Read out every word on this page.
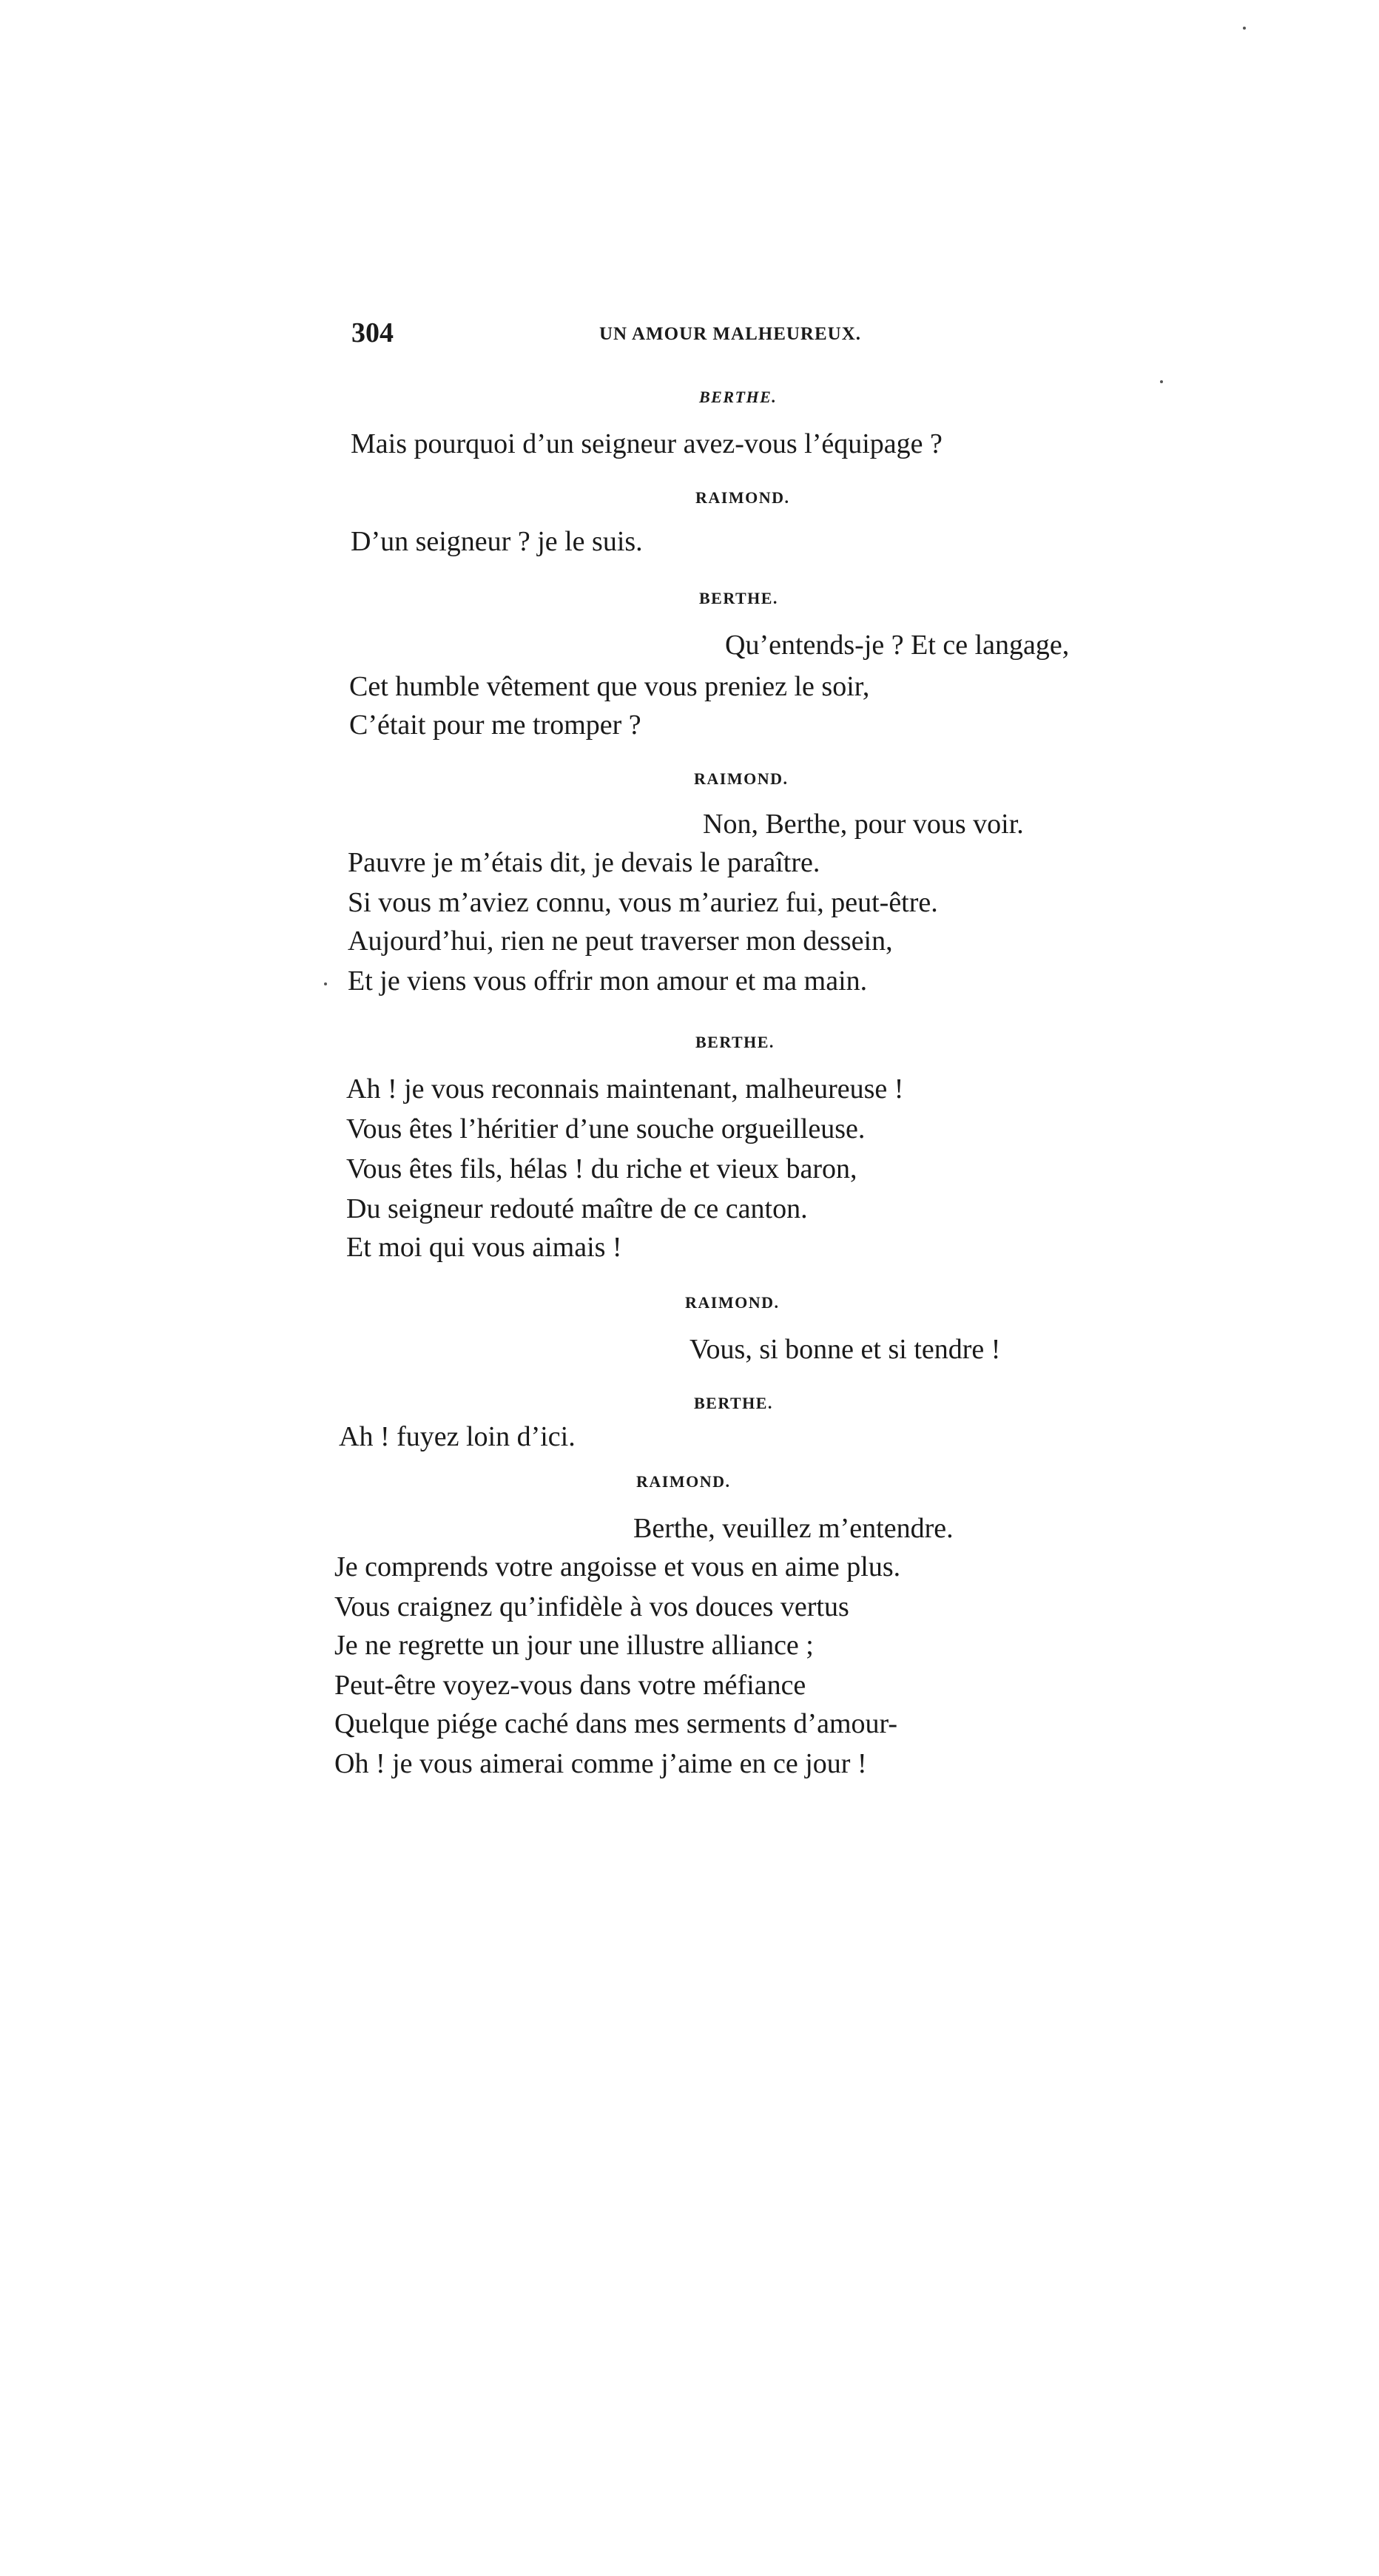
304	UN AMOUR MALHEUREUX.
BERTHE.
Mais pourquoi d’un seigneur avez-vous l’équipage ?
RAIMOND.
D’un seigneur ? je le suis.
BERTHE.
Qu’entends-je ? Et ce langage,
Cet humble vêtement que vous preniez le soir,
C’était pour me tromper ?
RAIMOND.
Non, Berthe, pour vous voir.
Pauvre je m’étais dit, je devais le paraître.
Si vous m’aviez connu, vous m’auriez fui, peut-être.
Aujourd’hui, rien ne peut traverser mon dessein,
Et je viens vous offrir mon amour et ma main.
BERTHE.
Ah ! je vous reconnais maintenant, malheureuse !
Vous êtes l’héritier d’une souche orgueilleuse.
Vous êtes fils, hélas ! du riche et vieux baron,
Du seigneur redouté maître de ce canton.
Et moi qui vous aimais !
RAIMOND.
Vous, si bonne et si tendre !
BERTHE.
Ah ! fuyez loin d’ici.
RAIMOND.
Berthe, veuillez m’entendre.
Je comprends votre angoisse et vous en aime plus.
Vous craignez qu’infidèle à vos douces vertus
Je ne regrette un jour une illustre alliance ;
Peut-être voyez-vous dans votre méfiance
Quelque piége caché dans mes serments d’amour-
Oh ! je vous aimerai comme j’aime en ce jour !
